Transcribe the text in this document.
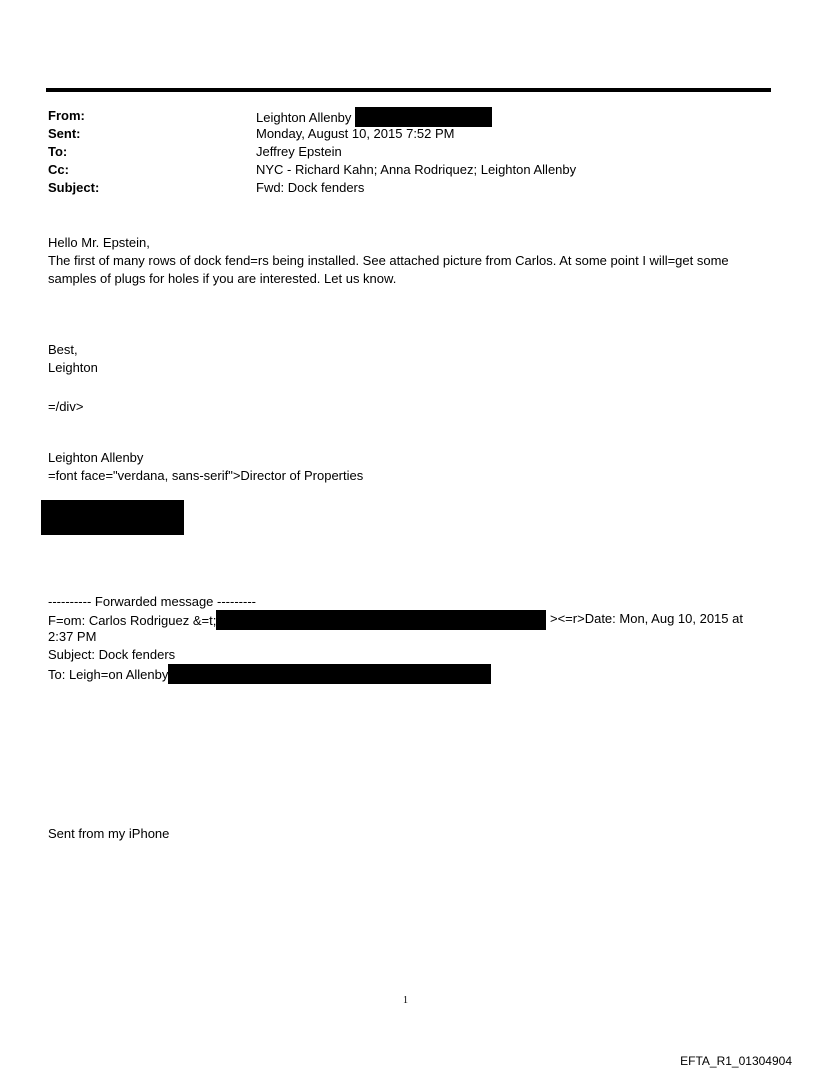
From:	Leighton Allenby
Sent:	Monday, August 10, 2015 7:52 PM
To:	Jeffrey Epstein
Cc:	NYC - Richard Kahn; Anna Rodriquez; Leighton Allenby
Subject:	Fwd: Dock fenders
Hello Mr. Epstein,
The first of many rows of dock fend=rs being installed. See attached picture from Carlos. At some point I will=get some samples of plugs for holes if you are interested. Let us know.
Best,
Leighton
=/div>
Leighton Allenby
=font face="verdana, sans-serif">Director of Properties
---------- Forwarded message ---------
F=om: Carlos Rodriguez &=t;	><=r>Date: Mon, Aug 10, 2015 at
2:37 PM
Subject: Dock fenders
To: Leigh=on Allenby
Sent from my iPhone
1
EFTA_R1_01304904
